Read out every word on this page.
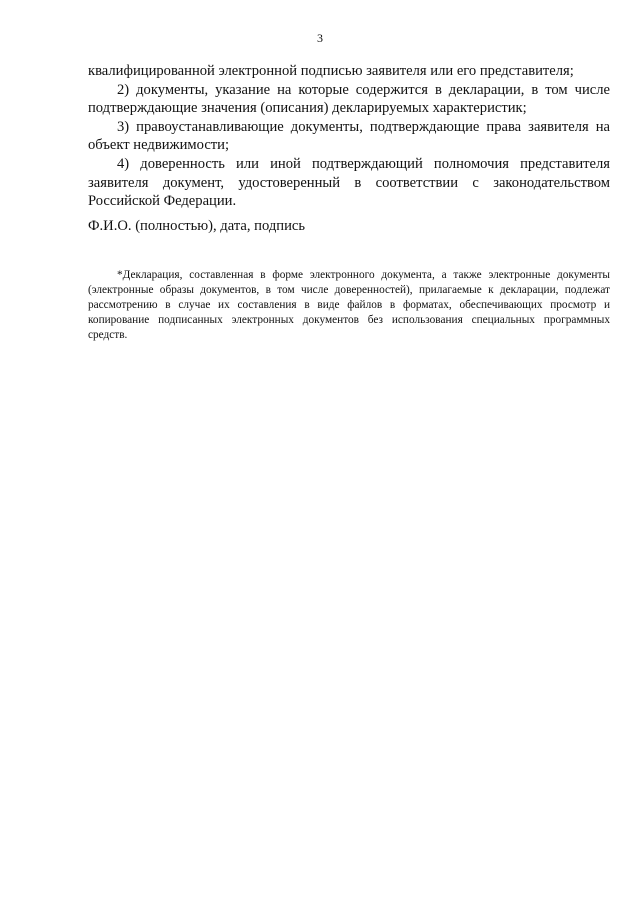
3

квалифицированной электронной подписью заявителя или его представителя;

2) документы, указание на которые содержится в декларации, в том числе подтверждающие значения (описания) декларируемых характеристик;

3) правоустанавливающие документы, подтверждающие права заявителя на объект недвижимости;

4) доверенность или иной подтверждающий полномочия представителя заявителя документ, удостоверенный в соответствии с законодательством Российской Федерации.

Ф.И.О. (полностью), дата, подпись

*Декларация, составленная в форме электронного документа, а также электронные документы (электронные образы документов, в том числе доверенностей), прилагаемые к декларации, подлежат рассмотрению в случае их составления в виде файлов в форматах, обеспечивающих просмотр и копирование подписанных электронных документов без использования специальных программных средств.
